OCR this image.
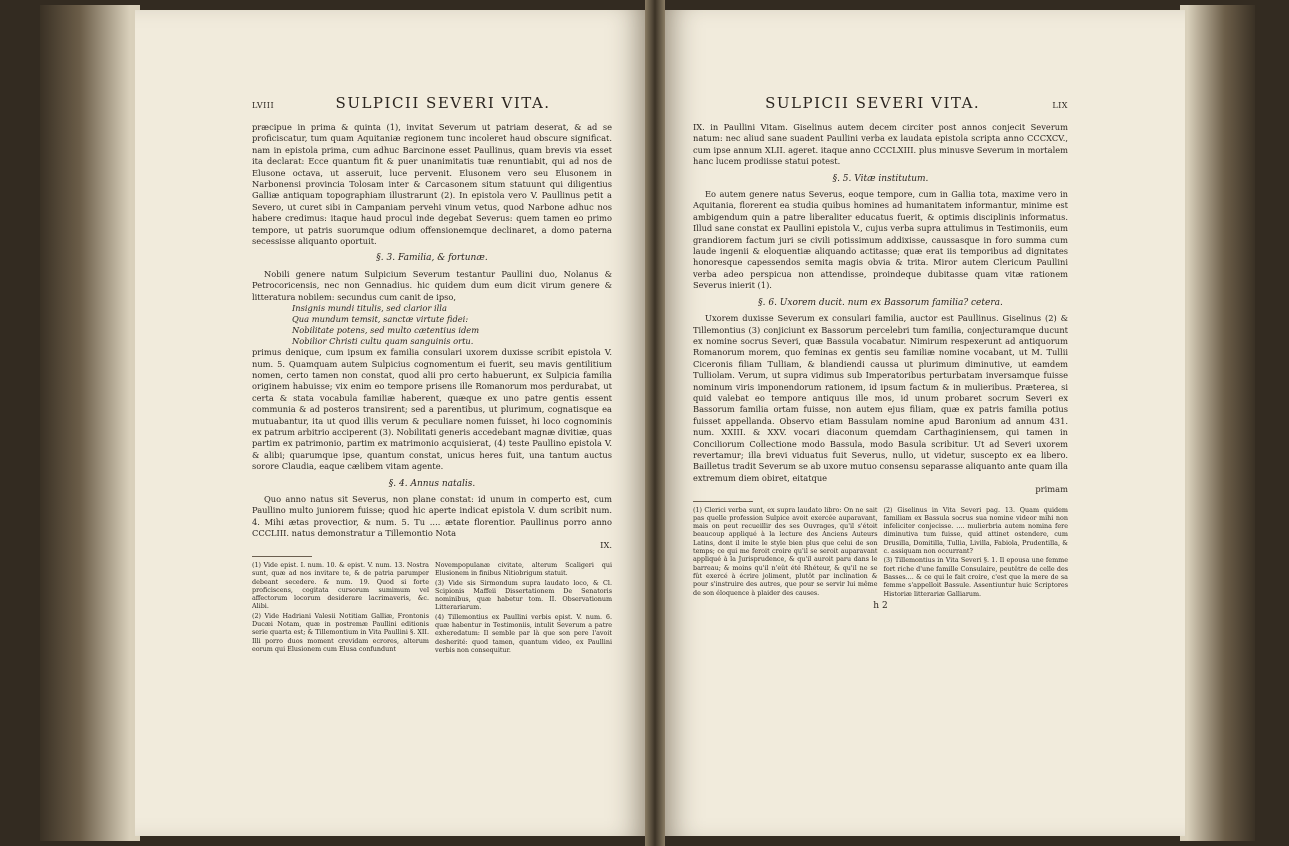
LVIII	SULPICII SEVERI VITA.

præcipue in prima & quinta (1), invitat Severum ut patriam deserat, & ad se proficiscatur, tum quam Aquitaniæ regionem tunc incoleret haud obscure significat. nam in epistola prima, cum adhuc Barcinone esset Paullinus, quam brevis via esset ita declarat: Ecce quantum fit & puer unanimitatis tuæ renuntiabit, qui ad nos de Elusone octava, ut asseruit, luce pervenit. Elusonem vero seu Elusonem in Narbonensi provincia Tolosam inter & Carcasonem situm statuunt qui diligentius Galliæ antiquam topographiam illustrarunt (2). In epistola vero V. Paullinus petit a Severo, ut curet sibi in Campaniam pervehi vinum vetus, quod Narbone adhuc nos habere credimus: itaque haud procul inde degebat Severus: quem tamen eo primo tempore, ut patris suorumque odium offensionemque declinaret, a domo paterna secessisse aliquanto oportuit.

§. 3. Familia, & fortunæ.

Nobili genere natum Sulpicium Severum testantur Paullini duo, Nolanus & Petrocoricensis, nec non Gennadius. hic quidem dum eum dicit virum genere & litteratura nobilem: secundus cum canit de ipso,

Insignis mundi titulis, sed clarior illa
Qua mundum temsit, sanctæ virtute fidei:
Nobilitate potens, sed multo cætentius idem
Nobilior Christi cultu quam sanguinis ortu.

primus denique, cum ipsum ex familia consulari uxorem duxisse scribit epistola V. num. 5. Quamquam autem Sulpicius cognomentum ei fuerit, seu mavis gentilitium nomen, certo tamen non constat, quod alii pro certo habuerunt, ex Sulpicia familia originem habuisse; vix enim eo tempore prisens ille Romanorum mos perdurabat, ut certa & stata vocabula familiæ haberent, quæque ex uno patre gentis essent communia & ad posteros transirent; sed a parentibus, ut plurimum, cognatisque ea mutuabantur, ita ut quod illis verum & peculiare nomen fuisset, hi loco cognominis ex patrum arbitrio acciperent (3). Nobilitati generis accedebant magnæ divitiæ, quas partim ex patrimonio, partim ex matrimonio acquisierat, (4) teste Paullino epistola V. & alibi; quarumque ipse, quantum constat, unicus heres fuit, una tantum auctus sorore Claudia, eaque cælibem vitam agente.

§. 4. Annus natalis.

Quo anno natus sit Severus, non plane constat: id unum in comperto est, cum Paullino multo juniorem fuisse; quod hic aperte indicat epistola V. dum scribit num. 4. Mihi ætas provectior, & num. 5. Tu .... ætate florentior. Paullinus porro anno CCCLIII. natus demonstratur a Tillemontio Nota

IX.

(1) Vide epist. I. num. 10. & epist. V. num. 13. Nostra sunt, quæ ad nos invitare te, & de patria parumper debeant secedere. & num. 19. Quod si forte proficiscens, cogitata cursorum sumimum vel affectorum locorum desiderare lacrimaveris, &c. Alibi.

(2) Vide Hadriani Valesii Notitiam Galliæ, Frontonis Ducæi Notam, quæ in postremæ Paullini editionis serie quarta est; & Tillemontium in Vita Paullini §. XII. Illi porro duos moment crevidam ecrores, alterum eorum qui Elusionem cum Elusa confundunt

Novempopulanæ civitate, alterum Scaligeri qui Elusionem in finibus Nitiobrigum statuit.

(3) Vide sis Sirmondum supra laudato loco, & Cl. Scipionis Maffeii Dissertationem De Senatoris nominibus, quæ habetur tom. II. Observationum Litterariarum.

(4) Tillemontius ex Paullini verbis epist. V. num. 6. quæ habentur in Testimoniis, intulit Severum a patre exheredatum: Il semble par là que son pere l'avoit desherité: quod tamen, quantum video, ex Paullini verbis non consequitur.

SULPICII SEVERI VITA.	LIX

IX. in Paullini Vitam. Giselinus autem decem circiter post annos conjecit Severum natum: nec aliud sane suadent Paullini verba ex laudata epistola scripta anno CCCXCV., cum ipse annum XLII. ageret. itaque anno CCCLXIII. plus minusve Severum in mortalem hanc lucem prodiisse statui potest.

§. 5. Vitæ institutum.

Eo autem genere natus Severus, eoque tempore, cum in Gallia tota, maxime vero in Aquitania, florerent ea studia quibus homines ad humanitatem informantur, minime est ambigendum quin a patre liberaliter educatus fuerit, & optimis disciplinis informatus. Illud sane constat ex Paullini epistola V., cujus verba supra attulimus in Testimoniis, eum grandiorem factum juri se civili potissimum addixisse, caussasque in foro summa cum laude ingenii & eloquentiæ aliquando actitasse; quæ erat iis temporibus ad dignitates honoresque capessendos semita magis obvia & trita. Miror autem Clericum Paullini verba adeo perspicua non attendisse, proindeque dubitasse quam vitæ rationem Severus inierit (1).

§. 6. Uxorem ducit. num ex Bassorum familia? cetera.

Uxorem duxisse Severum ex consulari familia, auctor est Paullinus. Giselinus (2) & Tillemontius (3) conjiciunt ex Bassorum percelebri tum familia, conjecturamque ducunt ex nomine socrus Severi, quæ Bassula vocabatur. Nimirum respexerunt ad antiquorum Romanorum morem, quo feminas ex gentis seu familiæ nomine vocabant, ut M. Tullii Ciceronis filiam Tulliam, & blandiendi caussa ut plurimum diminutive, ut eamdem Tulliolam. Verum, ut supra vidimus sub Imperatoribus perturbatam inversamque fuisse nominum viris imponendorum rationem, id ipsum factum & in mulieribus. Præterea, si quid valebat eo tempore antiquus ille mos, id unum probaret socrum Severi ex Bassorum familia ortam fuisse, non autem ejus filiam, quæ ex patris familia potius fuisset appellanda. Observo etiam Bassulam nomine apud Baronium ad annum 431. num. XXIII. & XXV. vocari diaconum quemdam Carthaginiensem, qui tamen in Conciliorum Collectione modo Bassula, modo Basula scribitur. Ut ad Severi uxorem revertamur; illa brevi viduatus fuit Severus, nullo, ut videtur, suscepto ex ea libero. Bailletus tradit Severum se ab uxore mutuo consensu separasse aliquanto ante quam illa extremum diem obiret, eitatque

primam

(1) Clerici verba sunt, ex supra laudato libro: On ne sait pas quelle profession Sulpice avoit exercée auparavant, mais on peut recueillir des ses Ouvrages, qu'il s'étoit beaucoup appliqué à la lecture des Anciens Auteurs Latins, dont il imite le style bien plus que celui de son temps; ce qui me feroit croire qu'il se seroit auparavant appliqué à la Jurisprudence, & qu'il auroit paru dans le barreau; & moins qu'il n'eût été Rhéteur, & qu'il ne se fût exercé à écrire joliment, plutôt par inclination & pour s'instruire des autres, que pour se servir lui même de son éloquence à plaider des causes.

(2) Giselinus in Vita Severi pag. 13. Quam quidem familiam ex Bassula socrus sua nomine videor mihi non infeliciter conjecisse. .... mulierbria autem nomina fere diminutiva tum fuisse, quid attinet ostendere, cum Drusilla, Domitilla, Tullia, Livilla, Fabiola, Prudentilla, & c. assiquam non occurrant?

(3) Tillemontius in Vita Severi §. 1. Il epousa une femme fort riche d'une famille Consulaire, peutêtre de celle des Basses.... & ce qui le fait croire, c'est que la mere de sa femme s'appelloit Bassule. Assentiuntur huic Scriptores Historiæ litterariæ Galliarum.

h 2
